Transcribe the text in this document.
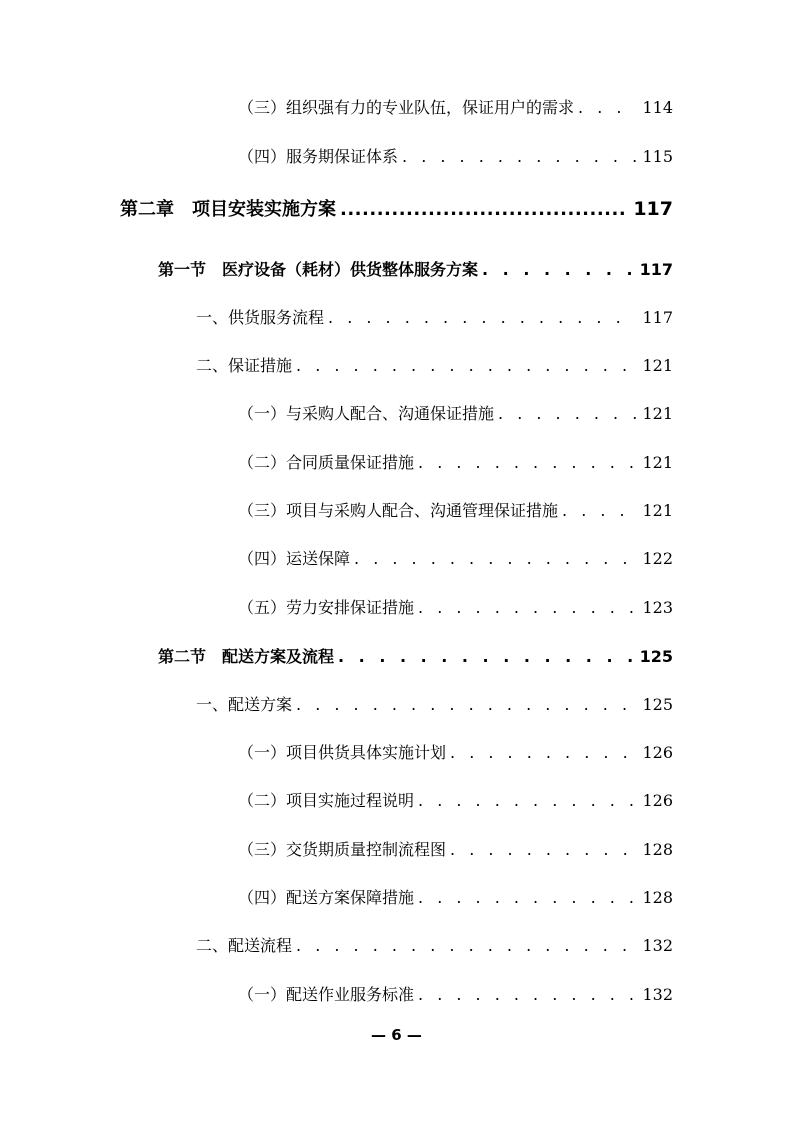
（三）组织强有力的专业队伍，保证用户的需求 . . .	114
（四）服务期保证体系 . . .	115
第二章　项目安装实施方案 .....	117
第一节　医疗设备（耗材）供货整体服务方案 . . .	117
一、供货服务流程 . . .	117
二、保证措施 . . .	121
（一）与采购人配合、沟通保证措施 . . .	121
（二）合同质量保证措施 . . .	121
（三）项目与采购人配合、沟通管理保证措施 . . .	121
（四）运送保障 . . .	122
（五）劳力安排保证措施 . . .	123
第二节　配送方案及流程 . . .	125
一、配送方案 . . .	125
（一）项目供货具体实施计划 . . .	126
（二）项目实施过程说明 . . .	126
（三）交货期质量控制流程图 . . .	128
（四）配送方案保障措施 . . .	128
二、配送流程 . . .	132
（一）配送作业服务标准 . . .	132
— 6 —
